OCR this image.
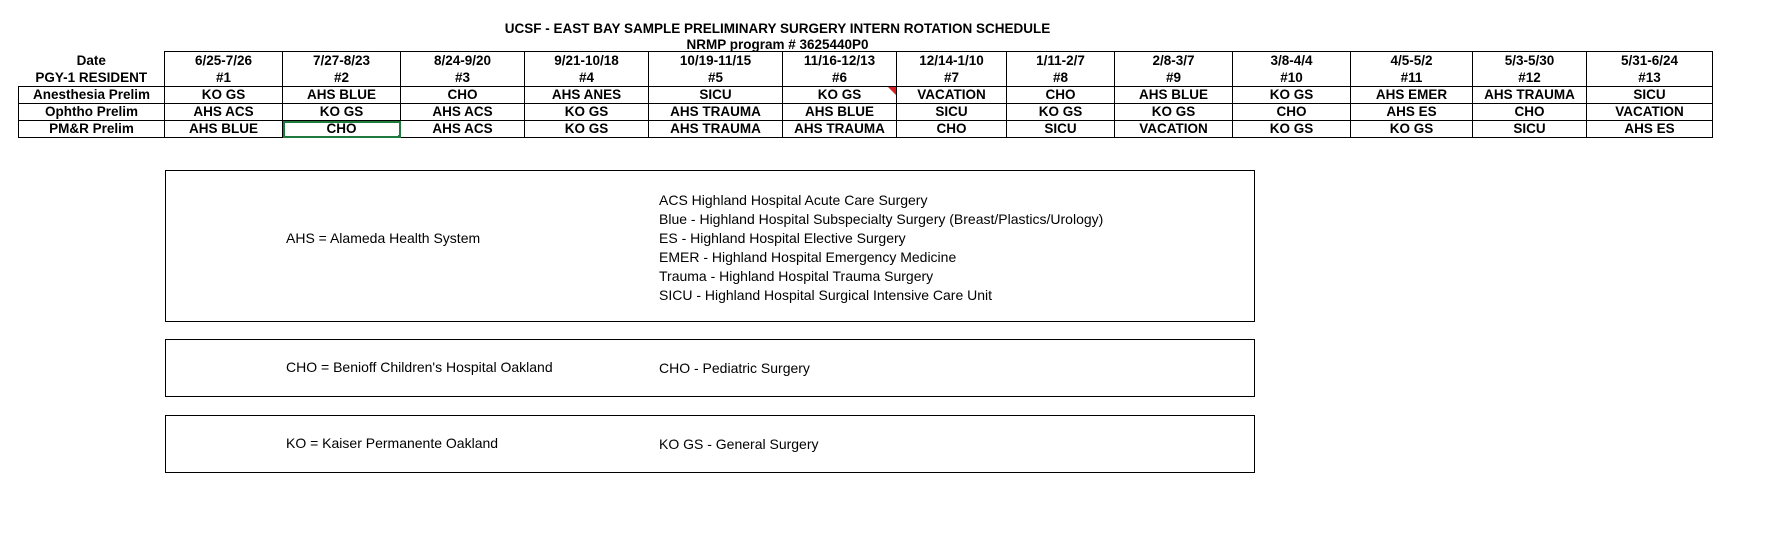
UCSF - EAST BAY SAMPLE PRELIMINARY SURGERY INTERN ROTATION SCHEDULE
NRMP program # 3625440P0
Date	6/25-7/26	7/27-8/23	8/24-9/20	9/21-10/18	10/19-11/15	11/16-12/13	12/14-1/10	1/11-2/7	2/8-3/7	3/8-4/4	4/5-5/2	5/3-5/30	5/31-6/24
PGY-1 RESIDENT	#1	#2	#3	#4	#5	#6	#7	#8	#9	#10	#11	#12	#13
Anesthesia Prelim	KO GS	AHS BLUE	CHO	AHS ANES	SICU	KO GS	VACATION	CHO	AHS BLUE	KO GS	AHS EMER	AHS TRAUMA	SICU
Ophtho Prelim	AHS ACS	KO GS	AHS ACS	KO GS	AHS TRAUMA	AHS BLUE	SICU	KO GS	KO GS	CHO	AHS ES	CHO	VACATION
PM&R Prelim	AHS BLUE	CHO	AHS ACS	KO GS	AHS TRAUMA	AHS TRAUMA	CHO	SICU	VACATION	KO GS	KO GS	SICU	AHS ES
AHS = Alameda Health System
ACS Highland Hospital Acute Care Surgery
Blue - Highland Hospital Subspecialty Surgery (Breast/Plastics/Urology)
ES - Highland Hospital Elective Surgery
EMER - Highland Hospital Emergency Medicine
Trauma - Highland Hospital Trauma Surgery
SICU - Highland Hospital Surgical Intensive Care Unit
CHO = Benioff Children's Hospital Oakland	CHO - Pediatric Surgery
KO = Kaiser Permanente Oakland	KO GS - General Surgery
